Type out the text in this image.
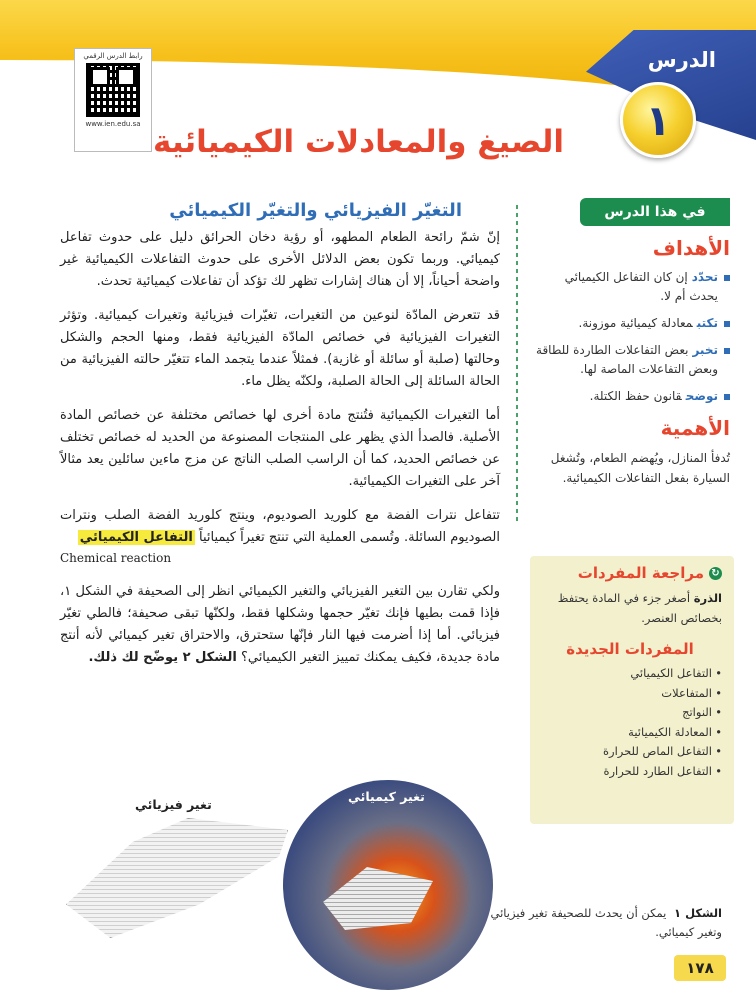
الدرس
١
الصيغ والمعادلات الكيميائية
رابط الدرس الرقمي
www.ien.edu.sa
في هذا الدرس
الأهداف
تحدّدإن كان التفاعل الكيميائي يحدث أم لا.
تكتبمعادلة كيميائية موزونة.
تخبربعض التفاعلات الطاردة للطاقة وبعض التفاعلات الماصة لها.
توضحقانون حفظ الكتلة.
الأهمية
تُدفأ المنازل، ويُهضم الطعام، وتُشغل السيارة بفعل التفاعلات الكيميائية.
↻
مراجعة المفردات
الذرة أصغر جزء في المادة يحتفظ بخصائص العنصر.
المفردات الجديدة
• التفاعل الكيميائي
• المتفاعلات
• النواتج
• المعادلة الكيميائية
• التفاعل الماص للحرارة
• التفاعل الطارد للحرارة
التغيّر الفيزيائي والتغيّر الكيميائي

إنّ شمّ رائحة الطعام المطهو، أو رؤية دخان الحرائق دليل على حدوث تفاعل كيميائي. وربما تكون بعض الدلائل الأخرى على حدوث التفاعلات الكيميائية غير واضحة أحياناً، إلا أن هناك إشارات تظهر لك تؤكد أن تفاعلات كيميائية تحدث.

قد تتعرض المادّة لنوعين من التغيرات، تغيّرات فيزيائية وتغيرات كيميائية. وتؤثر التغيرات الفيزيائية في خصائص المادّة الفيزيائية فقط، ومنها الحجم والشكل وحالتها (صلبة أو سائلة أو غازية). فمثلاً عندما يتجمد الماء تتغيّر حالته الفيزيائية من الحالة السائلة إلى الحالة الصلبة، ولكنّه يظل ماء.

أما التغيرات الكيميائية فتُنتج مادة أخرى لها خصائص مختلفة عن خصائص المادة الأصلية. فالصدأ الذي يظهر على المنتجات المصنوعة من الحديد له خصائص تختلف عن خصائص الحديد، كما أن الراسب الصلب الناتج عن مزج ماءين سائلين يعد مثالاً آخر على التغيرات الكيميائية.

تتفاعل نترات الفضة مع كلوريد الصوديوم، وينتج كلوريد الفضة الصلب ونترات الصوديوم السائلة. وتُسمى العملية التي تنتج تغيراً كيميائياً التفاعل الكيميائي
Chemical reaction

ولكي تقارن بين التغير الفيزيائي والتغير الكيميائي انظر إلى الصحيفة في الشكل ١، فإذا قمت بطيها فإنك تغيّر حجمها وشكلها فقط، ولكنّها تبقى صحيفة؛ فالطي تغيّر فيزيائي. أما إذا أضرمت فيها النار فإنّها ستحترق، والاحتراق تغير كيميائي لأنه أنتج مادة جديدة، فكيف يمكنك تمييز التغير الكيميائي؟ الشكل ٢ يوضّح لك ذلك.

تغير فيزيائي
تغير كيميائي
الشكل ١ يمكن أن يحدث للصحيفة تغير فيزيائي وتغير كيميائي.
١٧٨
